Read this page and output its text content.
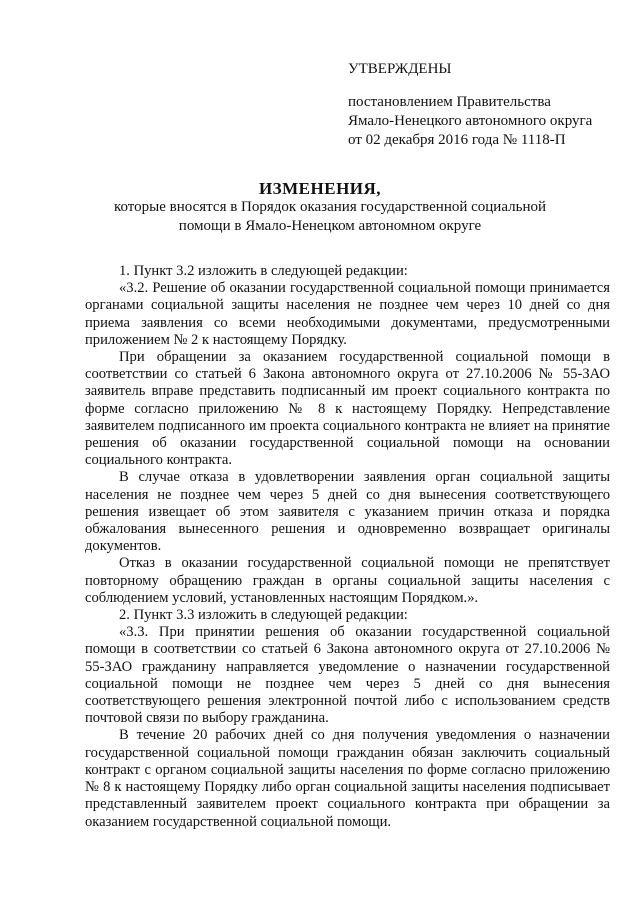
УТВЕРЖДЕНЫ
постановлением Правительства
Ямало-Ненецкого автономного округа
от 02 декабря 2016 года № 1118-П
ИЗМЕНЕНИЯ,
которые вносятся в Порядок оказания государственной социальной помощи в Ямало-Ненецком автономном округе

1. Пункт 3.2 изложить в следующей редакции:

«3.2. Решение об оказании государственной социальной помощи принимается органами социальной защиты населения не позднее чем через 10 дней со дня приема заявления со всеми необходимыми документами, предусмотренными приложением № 2 к настоящему Порядку.

При обращении за оказанием государственной социальной помощи в соответствии со статьей 6 Закона автономного округа от 27.10.2006 № 55-ЗАО заявитель вправе представить подписанный им проект социального контракта по форме согласно приложению № 8 к настоящему Порядку. Непредставление заявителем подписанного им проекта социального контракта не влияет на принятие решения об оказании государственной социальной помощи на основании социального контракта.

В случае отказа в удовлетворении заявления орган социальной защиты населения не позднее чем через 5 дней со дня вынесения соответствующего решения извещает об этом заявителя с указанием причин отказа и порядка обжалования вынесенного решения и одновременно возвращает оригиналы документов.

Отказ в оказании государственной социальной помощи не препятствует повторному обращению граждан в органы социальной защиты населения с соблюдением условий, установленных настоящим Порядком.».

2. Пункт 3.3 изложить в следующей редакции:

«3.3. При принятии решения об оказании государственной социальной помощи в соответствии со статьей 6 Закона автономного округа от 27.10.2006 № 55-ЗАО гражданину направляется уведомление о назначении государственной социальной помощи не позднее чем через 5 дней со дня вынесения соответствующего решения электронной почтой либо с использованием средств почтовой связи по выбору гражданина.

В течение 20 рабочих дней со дня получения уведомления о назначении государственной социальной помощи гражданин обязан заключить социальный контракт с органом социальной защиты населения по форме согласно приложению № 8 к настоящему Порядку либо орган социальной защиты населения подписывает представленный заявителем проект социального контракта при обращении за оказанием государственной социальной помощи.
